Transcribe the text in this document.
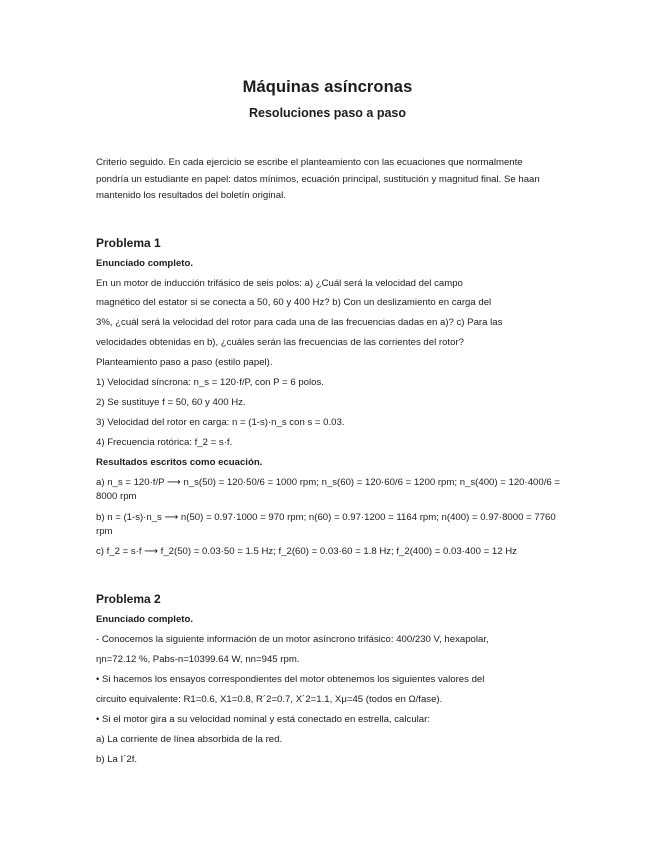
Máquinas asíncronas
Resoluciones paso a paso
Criterio seguido. En cada ejercicio se escribe el planteamiento con las ecuaciones que normalmente pondría un estudiante en papel: datos mínimos, ecuación principal, sustitución y magnitud final. Se haan mantenido los resultados del boletín original.
Problema 1
Enunciado completo.
En un motor de inducción trifásico de seis polos: a) ¿Cuál será la velocidad del campo
magnético del estator si se conecta a 50, 60 y 400 Hz? b) Con un deslizamiento en carga del
3%, ¿cuál será la velocidad del rotor para cada una de las frecuencias dadas en a)? c) Para las
velocidades obtenidas en b), ¿cuáles serán las frecuencias de las corrientes del rotor?
Planteamiento paso a paso (estilo papel).
1) Velocidad síncrona: n_s = 120·f/P, con P = 6 polos.
2) Se sustituye f = 50, 60 y 400 Hz.
3) Velocidad del rotor en carga: n = (1-s)·n_s con s = 0.03.
4) Frecuencia rotórica: f_2 = s·f.
Resultados escritos como ecuación.
a) n_s = 120·f/P ⟶ n_s(50) = 120·50/6 = 1000 rpm; n_s(60) = 120·60/6 = 1200 rpm; n_s(400) = 120·400/6 = 8000 rpm
b) n = (1-s)·n_s ⟶ n(50) = 0.97·1000 = 970 rpm; n(60) = 0.97·1200 = 1164 rpm; n(400) = 0.97·8000 = 7760 rpm
c) f_2 = s·f ⟶ f_2(50) = 0.03·50 = 1.5 Hz; f_2(60) = 0.03·60 = 1.8 Hz; f_2(400) = 0.03·400 = 12 Hz
Problema 2
Enunciado completo.
- Conocemos la siguiente información de un motor asíncrono trifásico: 400/230 V, hexapolar,
ηn=72.12 %, Pabs-n=10399.64 W, nn=945 rpm.
• Si hacemos los ensayos correspondientes del motor obtenemos los siguientes valores del
circuito equivalente: R1=0.6, X1=0.8, R´2=0.7, X´2=1.1, Xμ=45 (todos en Ω/fase).
• Si el motor gira a su velocidad nominal y está conectado en estrella, calcular:
a) La corriente de línea absorbida de la red.
b) La I´2f.
